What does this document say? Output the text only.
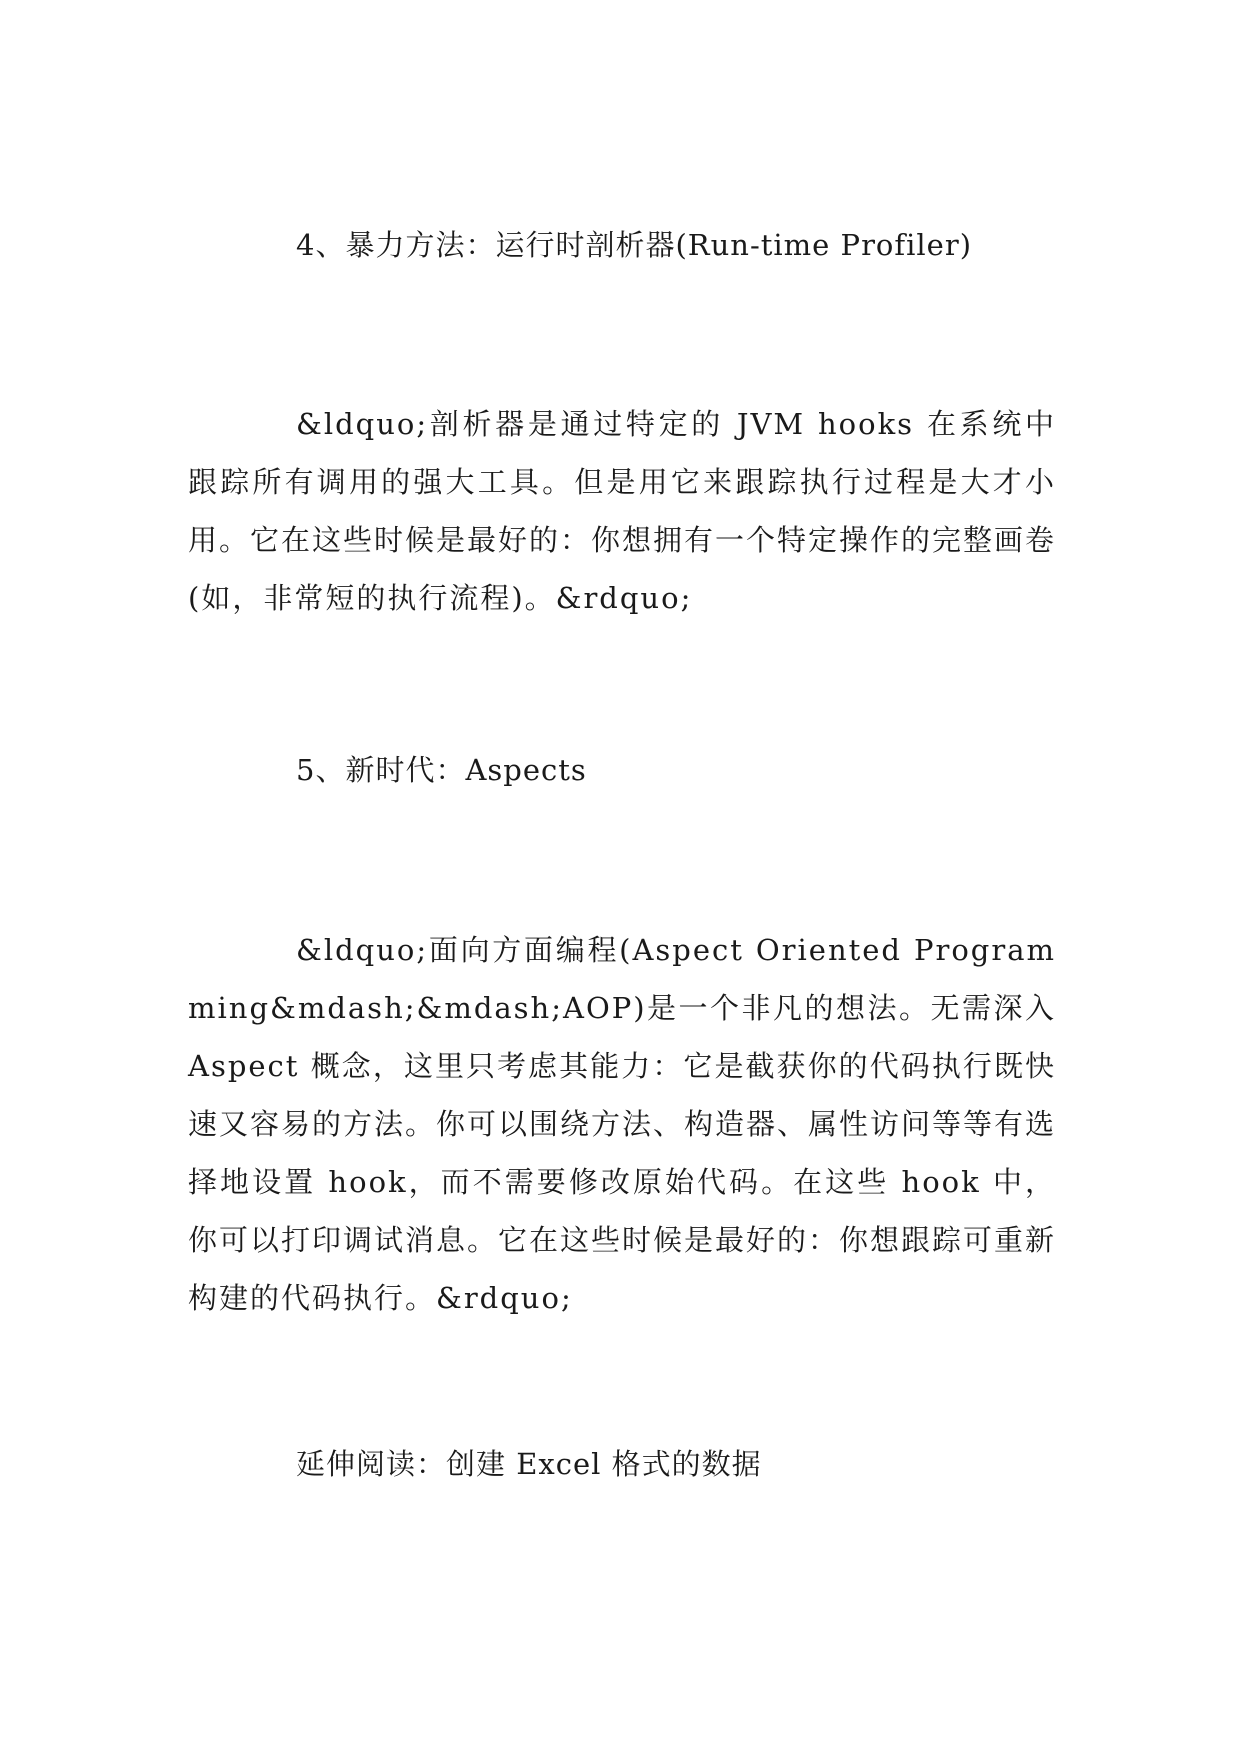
4、暴力方法：运行时剖析器(Run-time Profiler)
&ldquo;剖析器是通过特定的 JVM hooks 在系统中跟踪所有调用的强大工具。但是用它来跟踪执行过程是大才小用。它在这些时候是最好的：你想拥有一个特定操作的完整画卷(如，非常短的执行流程)。&rdquo;
5、新时代：Aspects
&ldquo;面向方面编程(Aspect Oriented Programming&mdash;&mdash;AOP)是一个非凡的想法。无需深入 Aspect 概念，这里只考虑其能力：它是截获你的代码执行既快速又容易的方法。你可以围绕方法、构造器、属性访问等等有选择地设置 hook，而不需要修改原始代码。在这些 hook 中，你可以打印调试消息。它在这些时候是最好的：你想跟踪可重新构建的代码执行。&rdquo;
延伸阅读：创建 Excel 格式的数据
